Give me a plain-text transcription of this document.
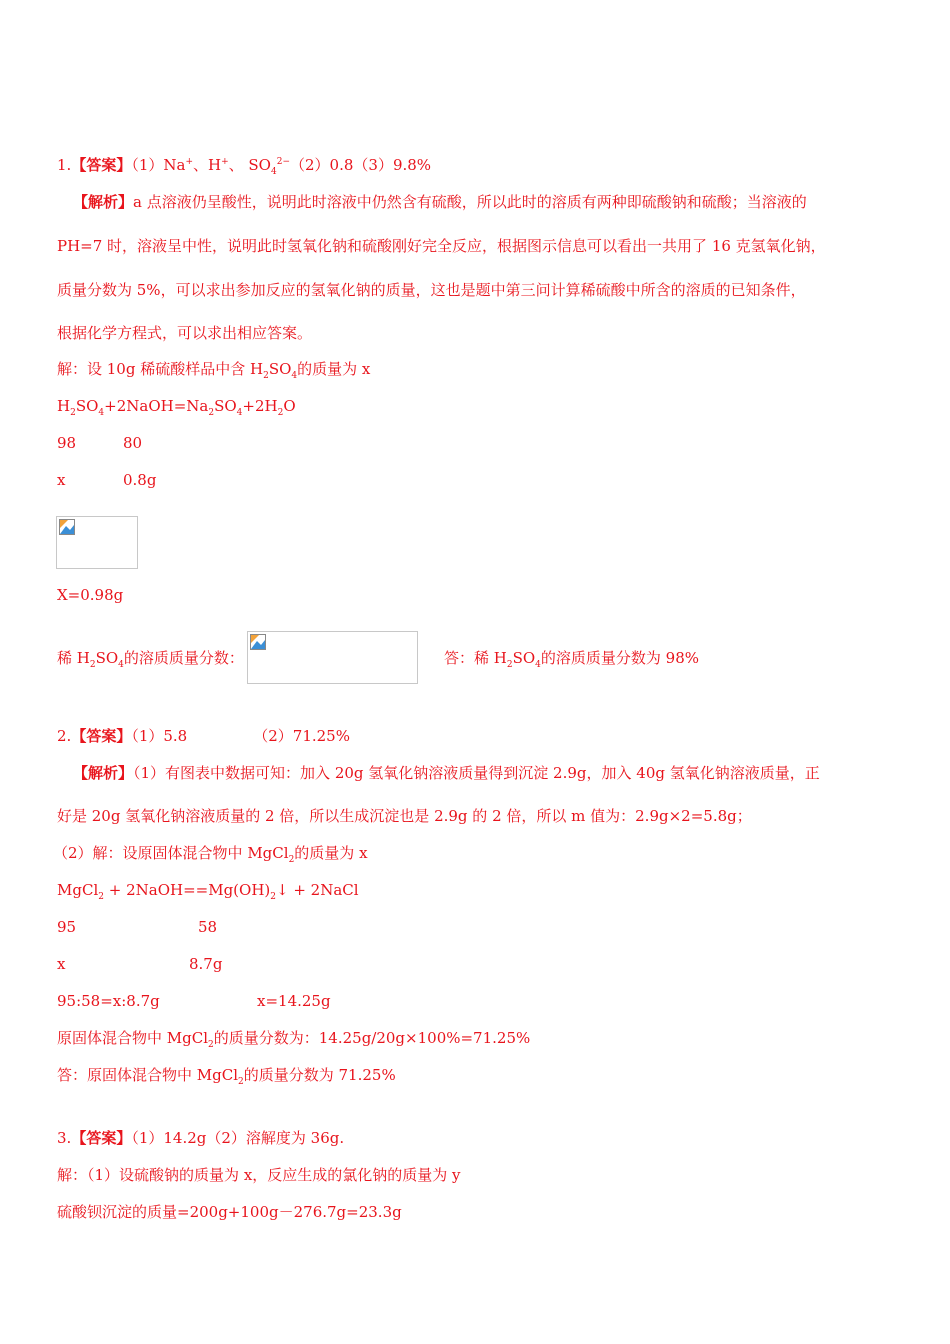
1.【答案】（1）Na+、H+、 $SO_4^{2-}(2)0.8(3)9.8\%$
【解析】a 点溶液仍呈酸性，说明此时溶液中仍然含有硫酸，所以此时的溶质有两种即硫酸钠和硫酸；当溶液的
PH=7 时，溶液呈中性，说明此时氢氧化钠和硫酸刚好完全反应，根据图示信息可以看出一共用了 16 克氢氧化钠，
质量分数为 5%，可以求出参加反应的氢氧化钠的质量，这也是题中第三问计算稀硫酸中所含的溶质的已知条件，
根据化学方程式，可以求出相应答案。
解：设 10g 稀硫酸样品中含 $H_2SO_4$的质量为 x
$H_2SO_4+2NaOH=Na_2SO_4+2H_2O$
98	80
x	0.8g
X=0.98g
稀 $H_2SO_4$的溶质质量分数：	答：稀 $H_2SO_4$的溶质质量分数为 98%
2.【答案】（1）5.8	（2）71.25%
【解析】（1）有图表中数据可知：加入 20g 氢氧化钠溶液质量得到沉淀 2.9g，加入 40g 氢氧化钠溶液质量，正
好是 20g 氢氧化钠溶液质量的 2 倍，所以生成沉淀也是 2.9g 的 2 倍，所以 m 值为：2.9g×2=5.8g；
（2）解：设原固体混合物中 MgCl$_2$的质量为 x
MgCl$_2$ + $2NaOH==Mg(OH)_2↓$ + 2NaCl
95	58
x	8.7g
95:58=x:8.7g	x=14.25g
原固体混合物中 MgCl$_2$的质量分数为：14.25g/20g×100%=71.25%
答：原固体混合物中 MgCl$_2$的质量分数为 71.25%
3.【答案】（1）14.2g（2）溶解度为 36g.
解：（1）设硫酸钠的质量为 x，反应生成的氯化钠的质量为 y
硫酸钡沉淀的质量=200g+100g－276.7g=23.3g
